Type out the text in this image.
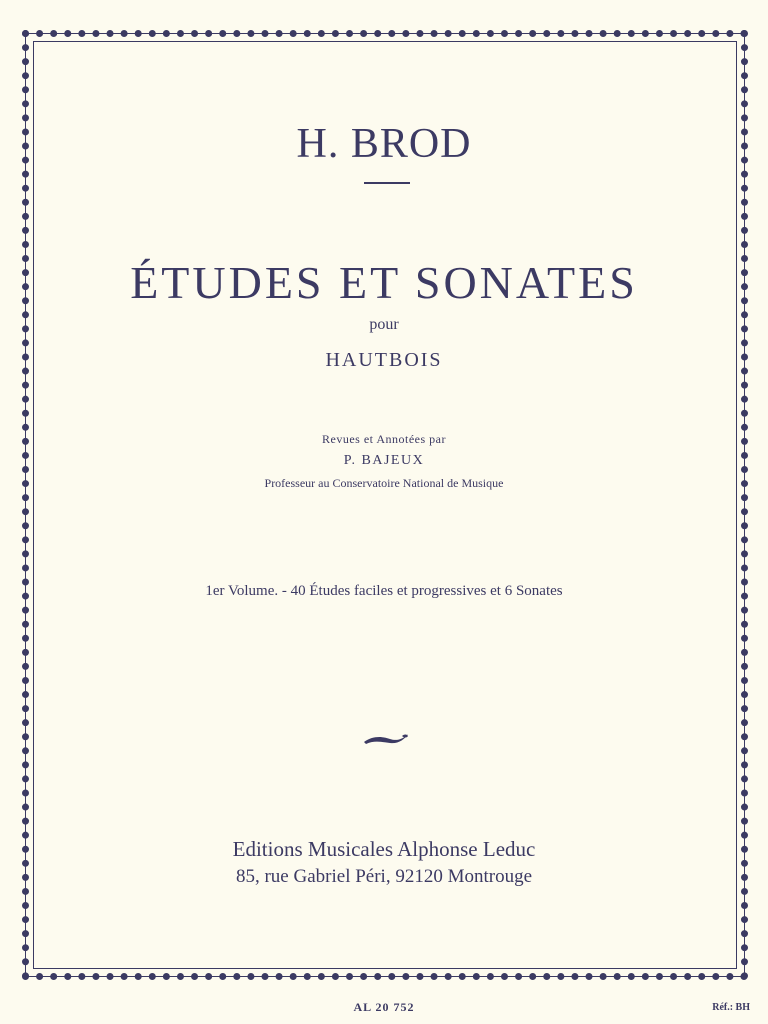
H. BROD
ÉTUDES ET SONATES
pour
HAUTBOIS
Revues et Annotées par
P. BAJEUX
Professeur au Conservatoire National de Musique
1er Volume. - 40 Études faciles et progressives et 6 Sonates
Editions Musicales Alphonse Leduc
85, rue Gabriel Péri, 92120 Montrouge
AL 20 752	Réf.: BH
